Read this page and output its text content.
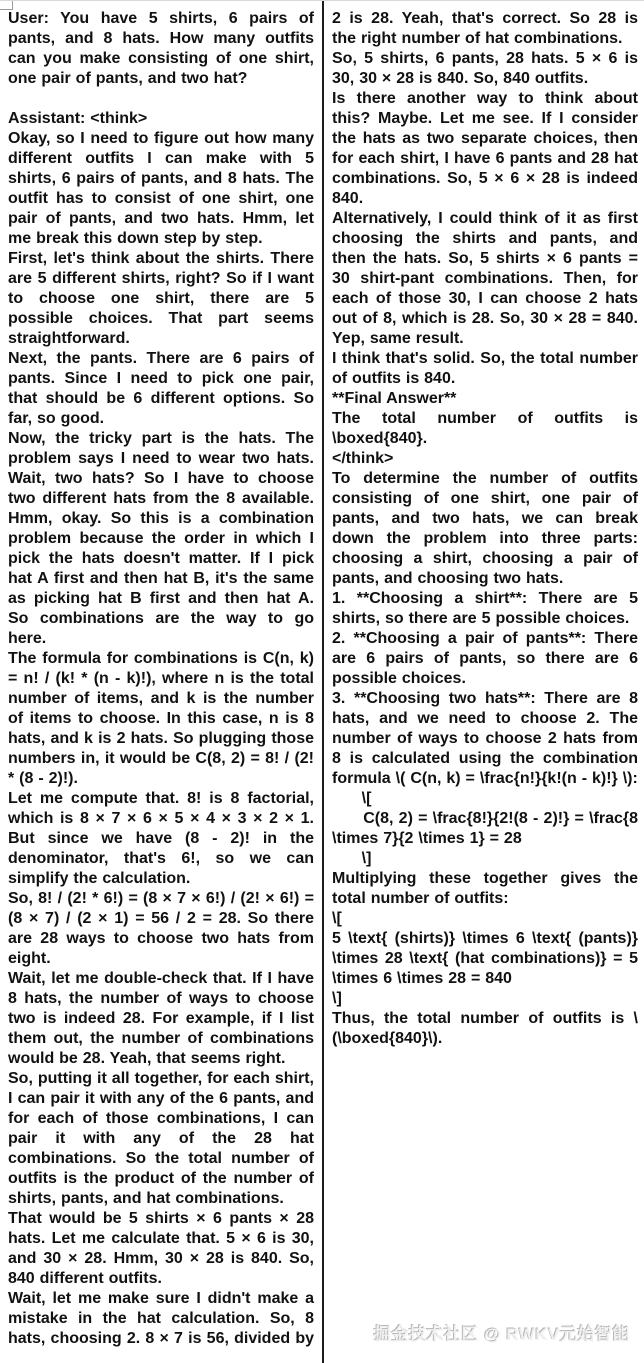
User: You have 5 shirts, 6 pairs of pants, and 8 hats. How many outfits can you make consisting of one shirt, one pair of pants, and two hat?

Assistant: <think>

Okay, so I need to figure out how many different outfits I can make with 5 shirts, 6 pairs of pants, and 8 hats. The outfit has to consist of one shirt, one pair of pants, and two hats. Hmm, let me break this down step by step.

First, let's think about the shirts. There are 5 different shirts, right? So if I want to choose one shirt, there are 5 possible choices. That part seems straightforward.

Next, the pants. There are 6 pairs of pants. Since I need to pick one pair, that should be 6 different options. So far, so good.

Now, the tricky part is the hats. The problem says I need to wear two hats. Wait, two hats? So I have to choose two different hats from the 8 available. Hmm, okay. So this is a combination problem because the order in which I pick the hats doesn't matter. If I pick hat A first and then hat B, it's the same as picking hat B first and then hat A. So combinations are the way to go here.

The formula for combinations is C(n, k) = n! / (k! * (n - k)!), where n is the total number of items, and k is the number of items to choose. In this case, n is 8 hats, and k is 2 hats. So plugging those numbers in, it would be C(8, 2) = 8! / (2! * (8 - 2)!).

Let me compute that. 8! is 8 factorial, which is 8 × 7 × 6 × 5 × 4 × 3 × 2 × 1. But since we have (8 - 2)! in the denominator, that's 6!, so we can simplify the calculation.

So, 8! / (2! * 6!) = (8 × 7 × 6!) / (2! × 6!) = (8 × 7) / (2 × 1) = 56 / 2 = 28. So there are 28 ways to choose two hats from eight.

Wait, let me double-check that. If I have 8 hats, the number of ways to choose two is indeed 28. For example, if I list them out, the number of combinations would be 28. Yeah, that seems right.

So, putting it all together, for each shirt, I can pair it with any of the 6 pants, and for each of those combinations, I can pair it with any of the 28 hat combinations. So the total number of outfits is the product of the number of shirts, pants, and hat combinations.

That would be 5 shirts × 6 pants × 28 hats. Let me calculate that. 5 × 6 is 30, and 30 × 28. Hmm, 30 × 28 is 840. So, 840 different outfits.

Wait, let me make sure I didn't make a mistake in the hat calculation. So, 8 hats, choosing 2. 8 × 7 is 56, divided by 2 is 28. Yeah, that's correct. So 28 is the right number of hat combinations.

So, 5 shirts, 6 pants, 28 hats. 5 × 6 is 30, 30 × 28 is 840. So, 840 outfits.

Is there another way to think about this? Maybe. Let me see. If I consider the hats as two separate choices, then for each shirt, I have 6 pants and 28 hat combinations. So, 5 × 6 × 28 is indeed 840.

Alternatively, I could think of it as first choosing the shirts and pants, and then the hats. So, 5 shirts × 6 pants = 30 shirt-pant combinations. Then, for each of those 30, I can choose 2 hats out of 8, which is 28. So, 30 × 28 = 840. Yep, same result.

I think that's solid. So, the total number of outfits is 840.

**Final Answer**

The total number of outfits is \boxed{840}.

</think>

To determine the number of outfits consisting of one shirt, one pair of pants, and two hats, we can break down the problem into three parts: choosing a shirt, choosing a pair of pants, and choosing two hats.

1. **Choosing a shirt**: There are 5 shirts, so there are 5 possible choices.

2. **Choosing a pair of pants**: There are 6 pairs of pants, so there are 6 possible choices.

3. **Choosing two hats**: There are 8 hats, and we need to choose 2. The number of ways to choose 2 hats from 8 is calculated using the combination formula \( C(n, k) = \frac{n!}{k!(n - k)!} \):

\[

C(8, 2) = \frac{8!}{2!(8 - 2)!} = \frac{8 \times 7}{2 \times 1} = 28

\]

Multiplying these together gives the total number of outfits:

\[

5 \text{ (shirts)} \times 6 \text{ (pants)} \times 28 \text{ (hat combinations)} = 5 \times 6 \times 28 = 840

\]

Thus, the total number of outfits is \(\boxed{840}\).

掘金技术社区 @ RWKV元始智能
